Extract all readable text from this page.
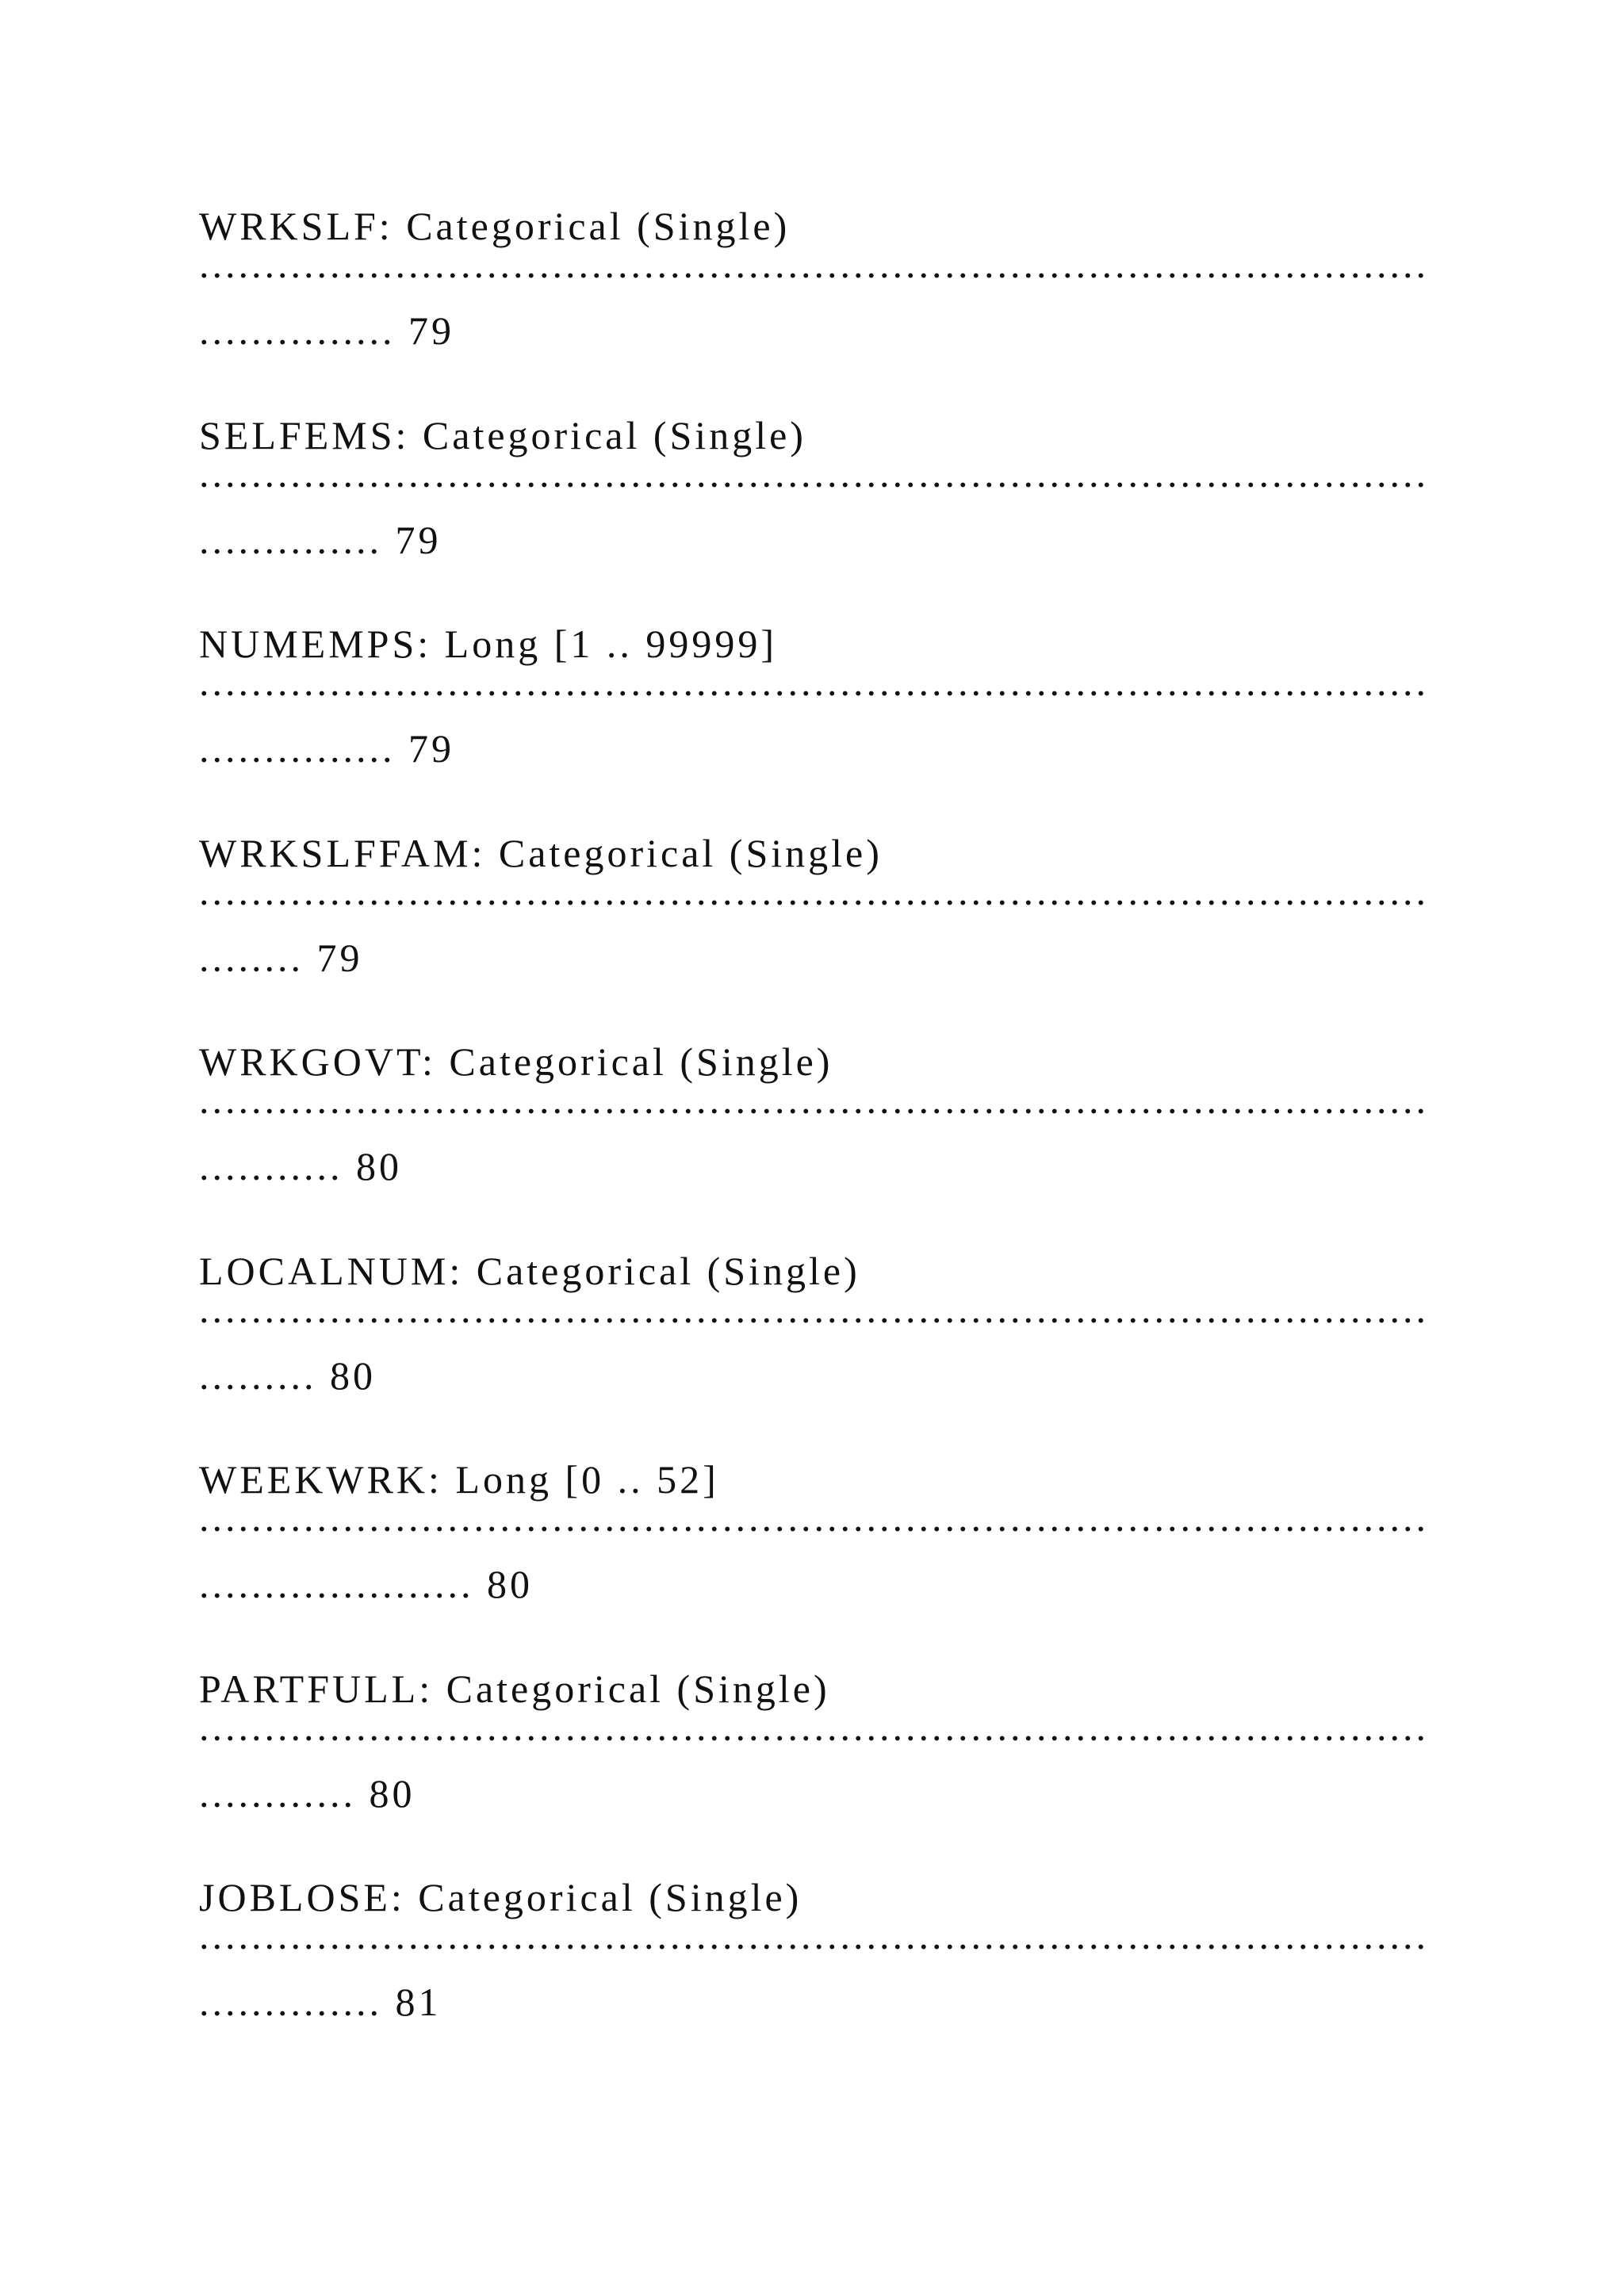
WRKSLF: Categorical (Single)
..............................................................................................
............... 79
SELFEMS: Categorical (Single)
..............................................................................................
.............. 79
NUMEMPS: Long [1 .. 99999]
..............................................................................................
............... 79
WRKSLFFAM: Categorical (Single)
..............................................................................................
........ 79
WRKGOVT: Categorical (Single)
..............................................................................................
........... 80
LOCALNUM: Categorical (Single)
..............................................................................................
......... 80
WEEKWRK: Long [0 .. 52]
..............................................................................................
..................... 80
PARTFULL: Categorical (Single)
..............................................................................................
............ 80
JOBLOSE: Categorical (Single)
..............................................................................................
.............. 81
